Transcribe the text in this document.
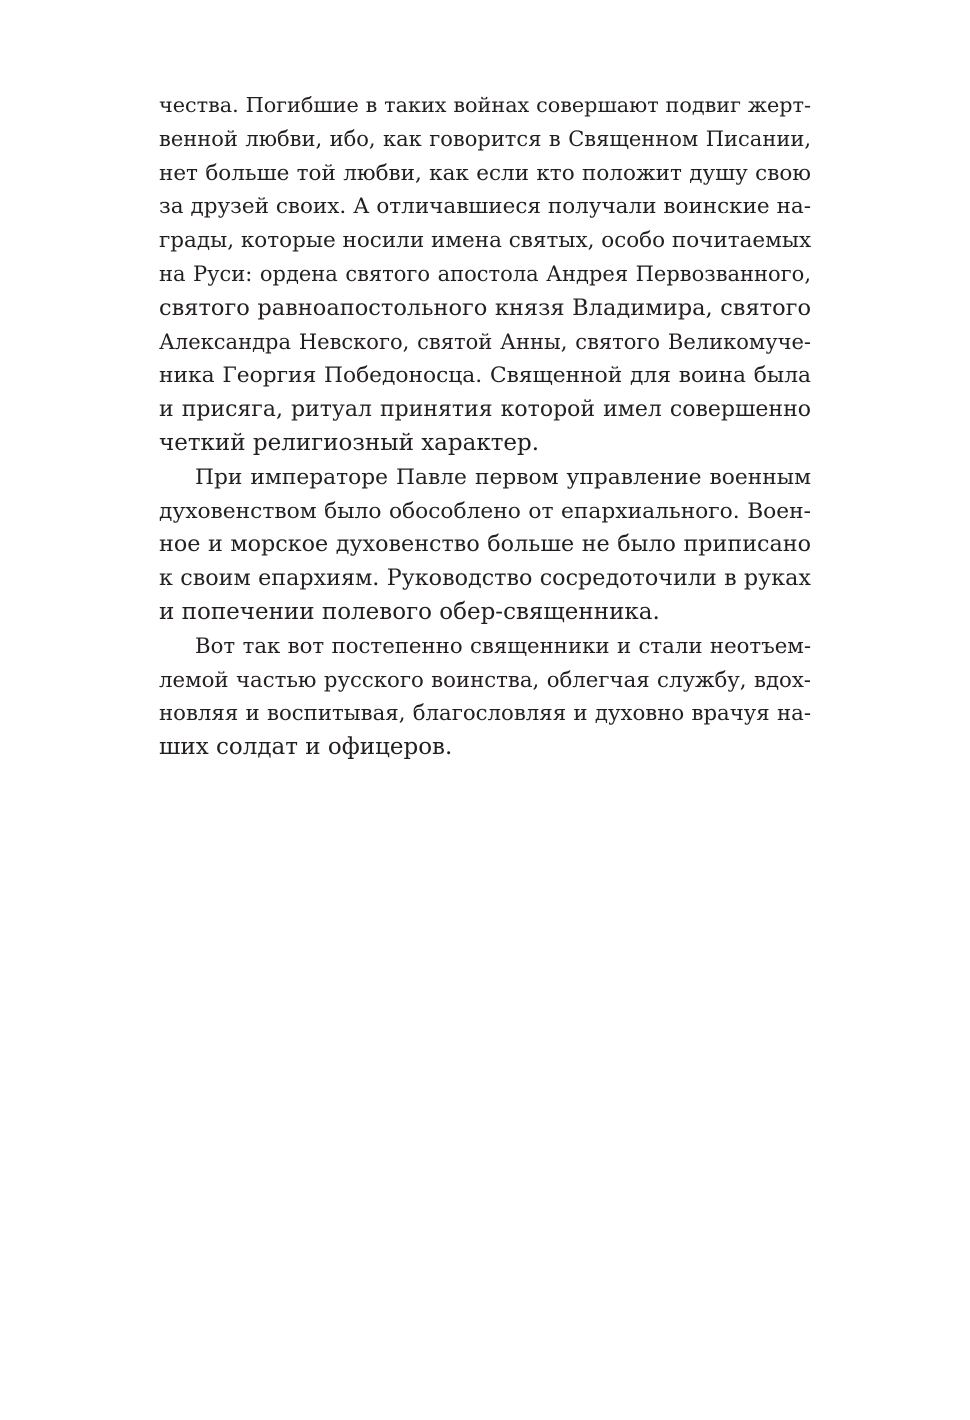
чества. Погибшие в таких войнах совершают подвиг жерт-
венной любви, ибо, как говорится в Священном Писании,
нет больше той любви, как если кто положит душу свою
за друзей своих. А отличавшиеся получали воинские на-
грады, которые носили имена святых, особо почитаемых
на Руси: ордена святого апостола Андрея Первозванного,
святого равноапостольного князя Владимира, святого
Александра Невского, святой Анны, святого Великомуче-
ника Георгия Победоносца. Священной для воина была
и присяга, ритуал принятия которой имел совершенно
четкий религиозный характер.
При императоре Павле первом управление военным
духовенством было обособлено от епархиального. Воен-
ное и морское духовенство больше не было приписано
к своим епархиям. Руководство сосредоточили в руках
и попечении полевого обер-священника.
Вот так вот постепенно священники и стали неотъем-
лемой частью русского воинства, облегчая службу, вдох-
новляя и воспитывая, благословляя и духовно врачуя на-
ших солдат и офицеров.
